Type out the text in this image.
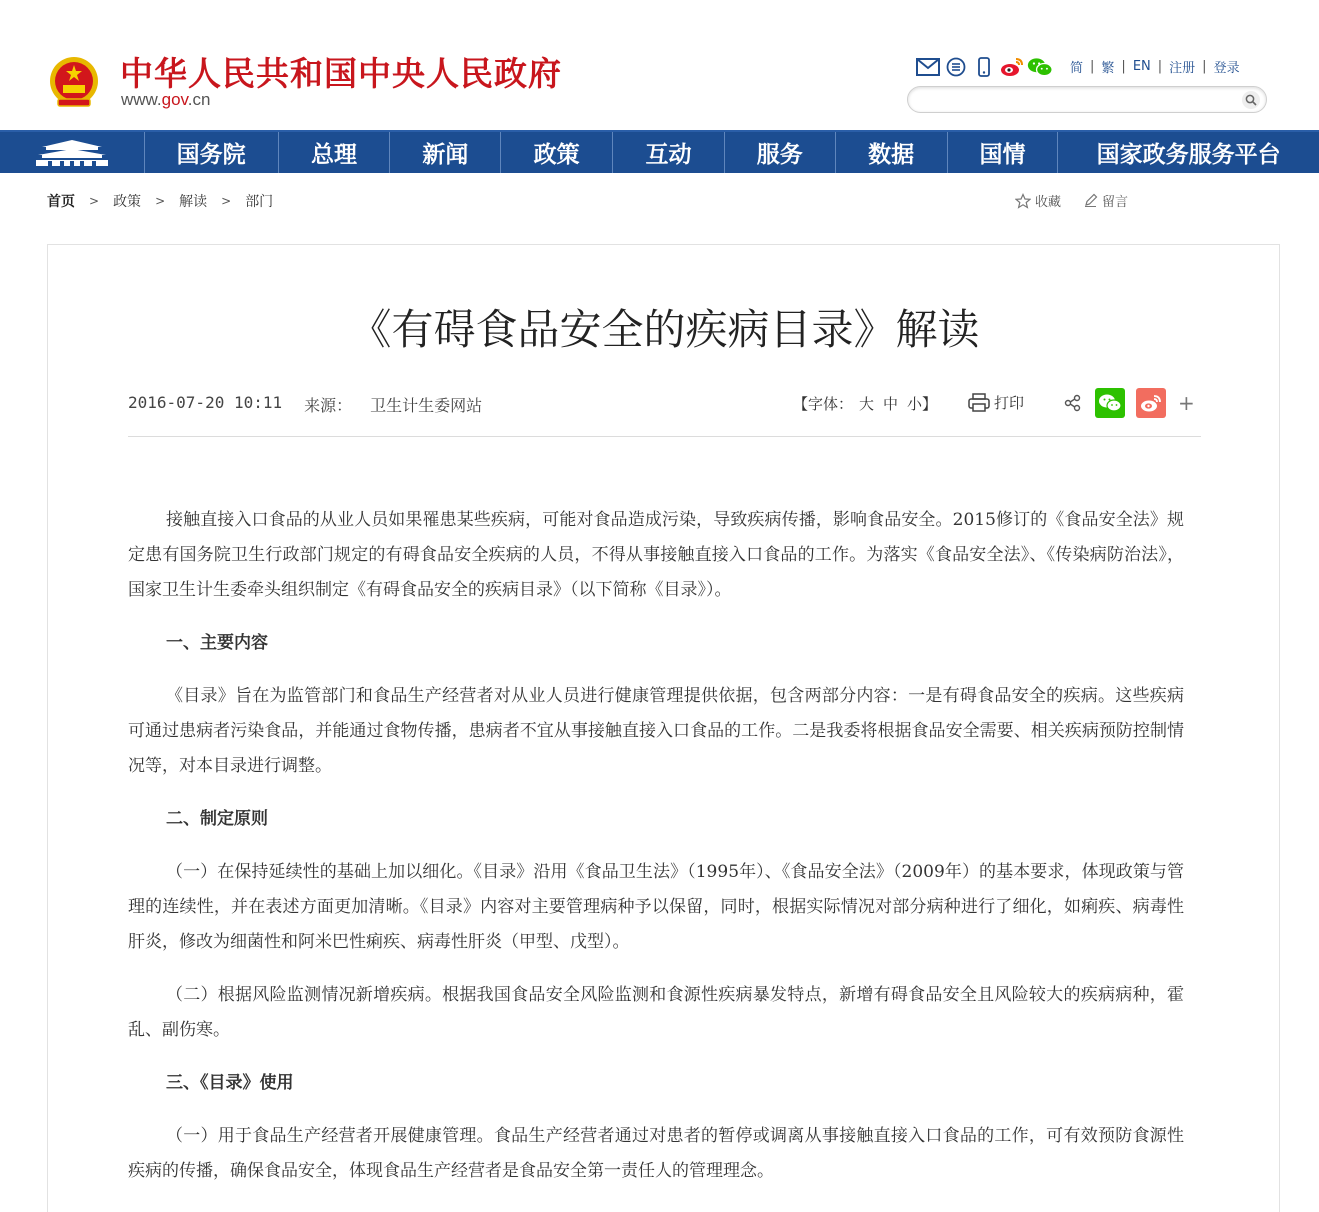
中华人民共和国中央人民政府
www.gov.cn
简 | 繁 | EN | 注册 | 登录
国务院	总理	新闻	政策	互动	服务	数据	国情	国家政务服务平台
首页 > 政策 > 解读 > 部门	收藏	留言
《有碍食品安全的疾病目录》解读
2016-07-20 10:11 来源： 卫生计生委网站	【字体： 大 中 小】	打印	+

接触直接入口食品的从业人员如果罹患某些疾病，可能对食品造成污染，导致疾病传播，影响食品安全。2015修订的《食品安全法》规定患有国务院卫生行政部门规定的有碍食品安全疾病的人员，不得从事接触直接入口食品的工作。为落实《食品安全法》、《传染病防治法》，国家卫生计生委牵头组织制定《有碍食品安全的疾病目录》（以下简称《目录》）。

一、主要内容

《目录》旨在为监管部门和食品生产经营者对从业人员进行健康管理提供依据，包含两部分内容：一是有碍食品安全的疾病。这些疾病可通过患病者污染食品，并能通过食物传播，患病者不宜从事接触直接入口食品的工作。二是我委将根据食品安全需要、相关疾病预防控制情况等，对本目录进行调整。

二、制定原则

（一）在保持延续性的基础上加以细化。《目录》沿用《食品卫生法》（1995年）、《食品安全法》（2009年）的基本要求，体现政策与管理的连续性，并在表述方面更加清晰。《目录》内容对主要管理病种予以保留，同时，根据实际情况对部分病种进行了细化，如痢疾、病毒性肝炎，修改为细菌性和阿米巴性痢疾、病毒性肝炎（甲型、戊型）。

（二）根据风险监测情况新增疾病。根据我国食品安全风险监测和食源性疾病暴发特点，新增有碍食品安全且风险较大的疾病病种，霍乱、副伤寒。

三、《目录》使用

（一）用于食品生产经营者开展健康管理。食品生产经营者通过对患者的暂停或调离从事接触直接入口食品的工作，可有效预防食源性疾病的传播，确保食品安全，体现食品生产经营者是食品安全第一责任人的管理理念。
